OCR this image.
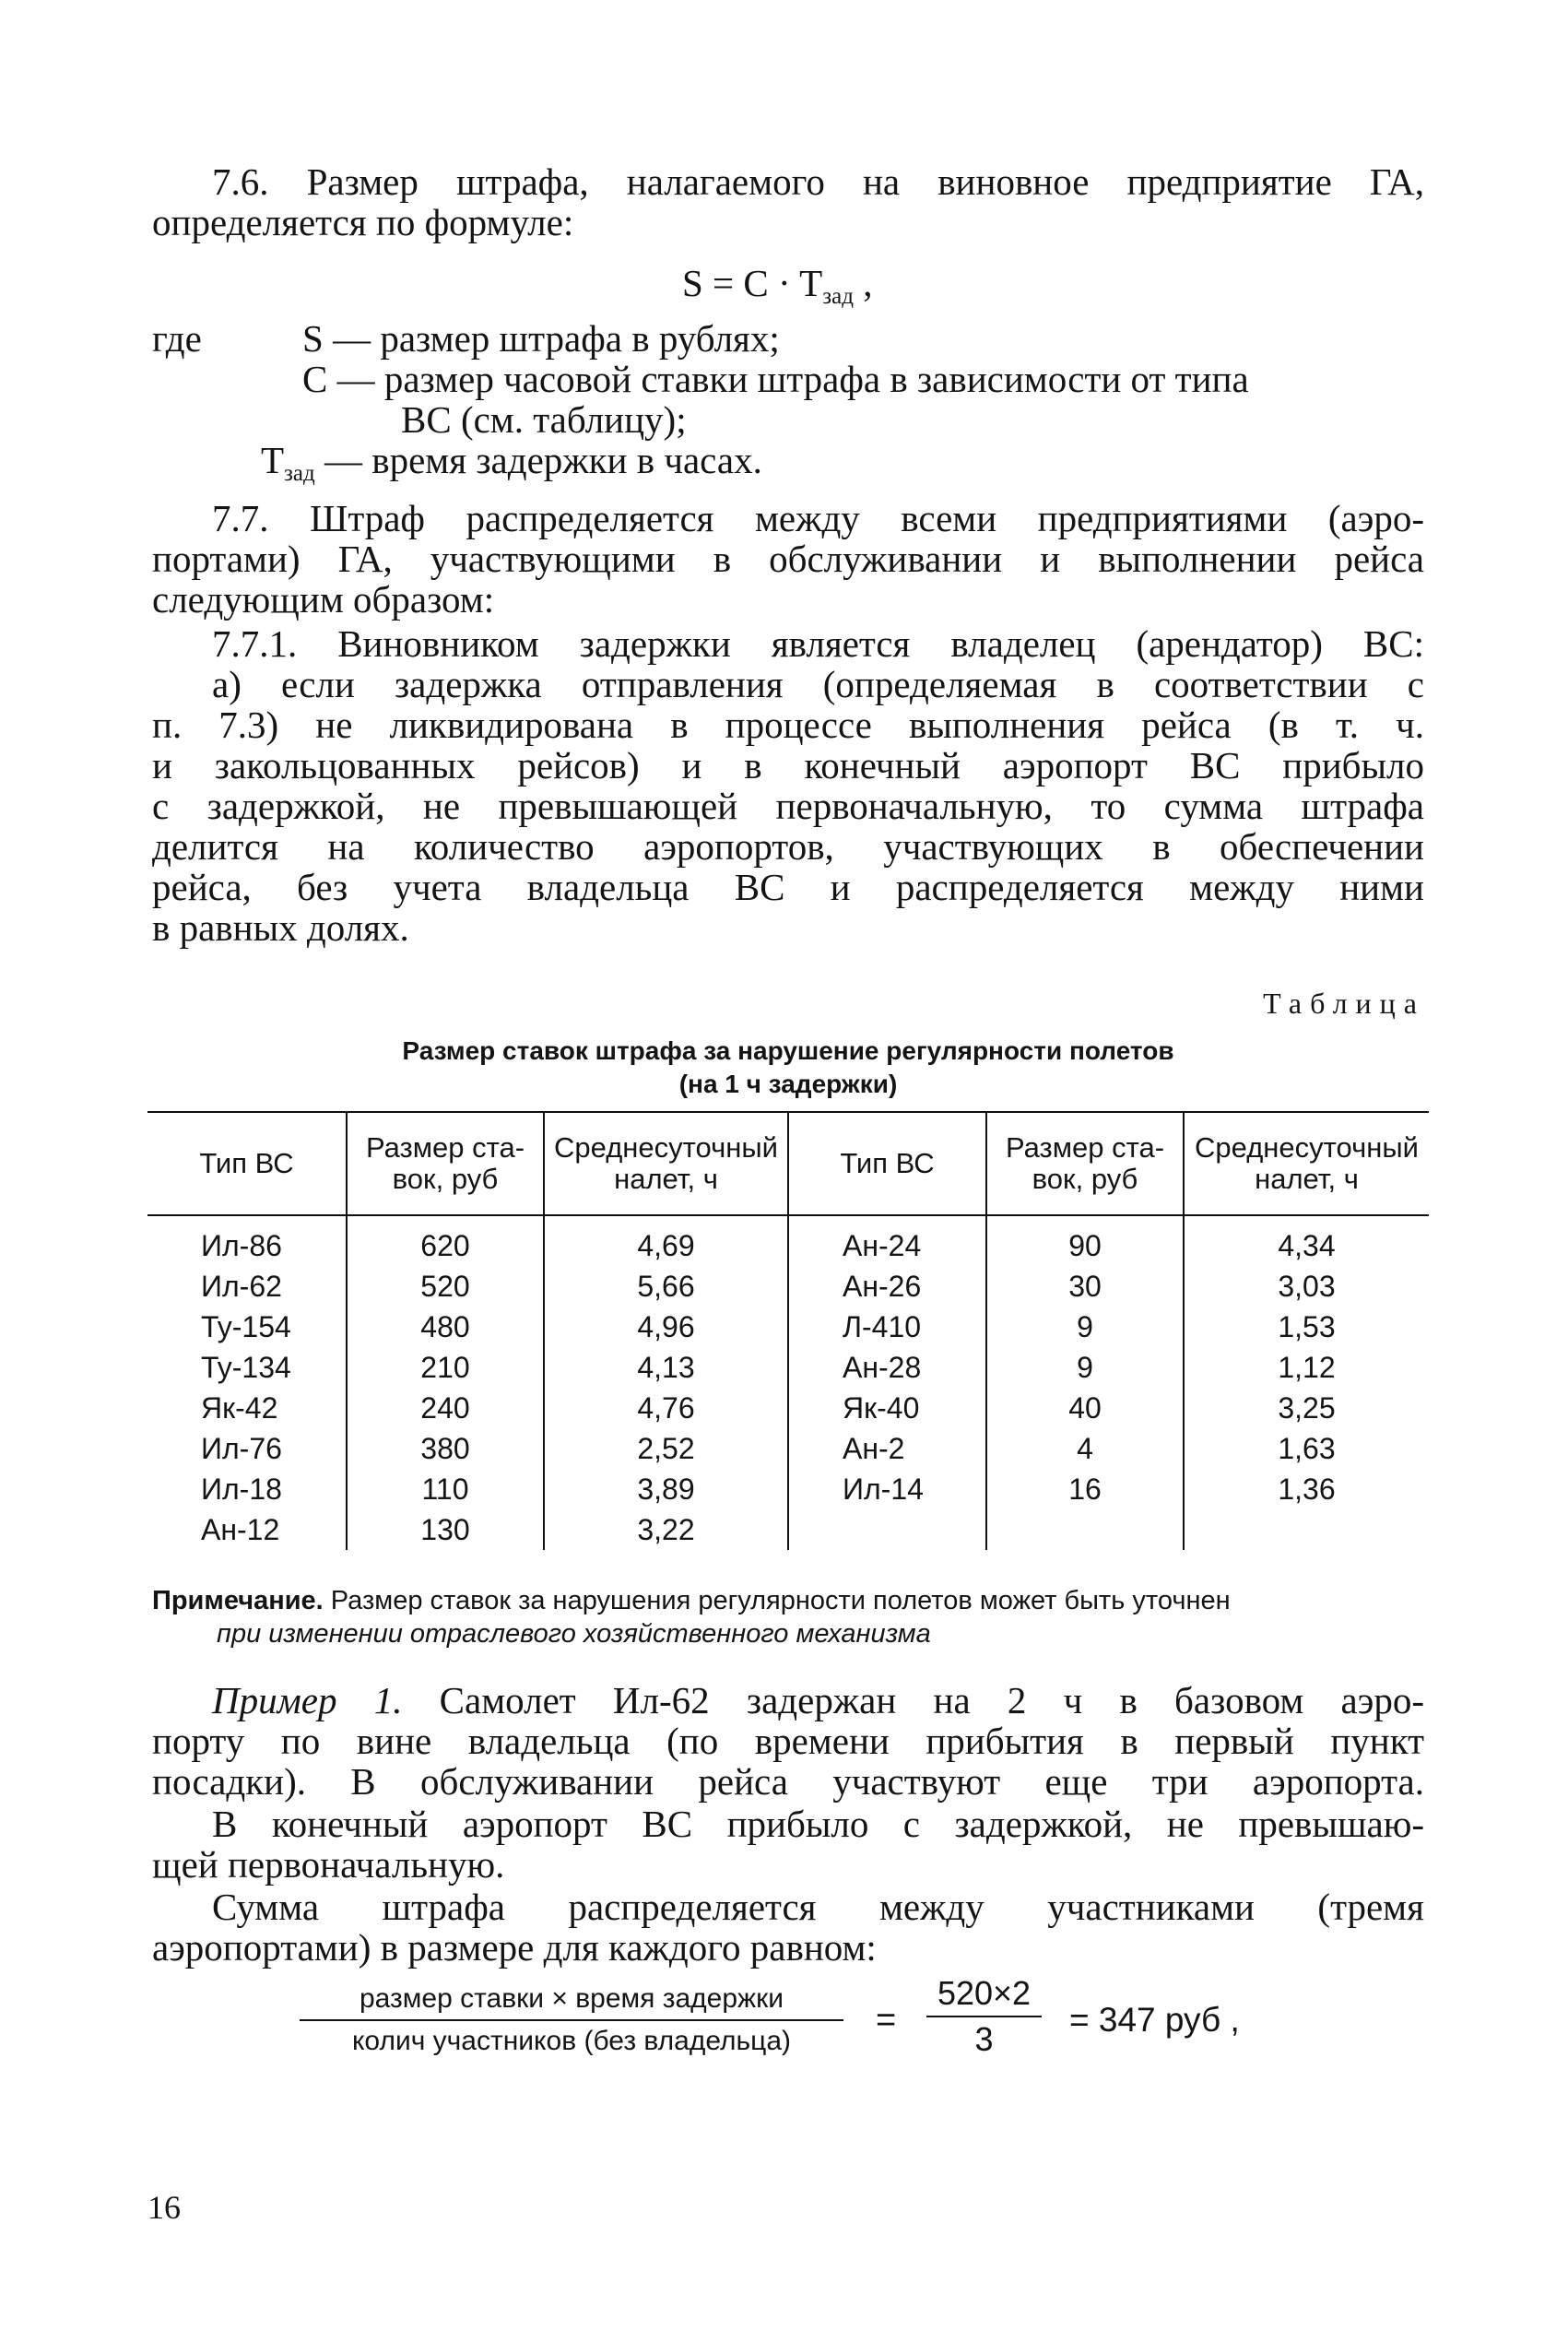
7.6. Размер штрафа, налагаемого на виновное предприятие ГА,
определяется по формуле:
$S = C \cdot T_{зад}$ ,
где	S — размер штрафа в рублях;
C — размер часовой ставки штрафа в зависимости от типа
ВС (см. таблицу);
$T_{зад}$ — время задержки в часах.
7.7. Штраф распределяется между всеми предприятиями (аэро-
портами) ГА, участвующими в обслуживании и выполнении рейса
следующим образом:
7.7.1. Виновником задержки является владелец (арендатор) ВС:
а) если задержка отправления (определяемая в соответствии с
п. 7.3) не ликвидирована в процессе выполнения рейса (в т. ч.
и закольцованных рейсов) и в конечный аэропорт ВС прибыло
с задержкой, не превышающей первоначальную, то сумма штрафа
делится на количество аэропортов, участвующих в обеспечении
рейса, без учета владельца ВС и распределяется между ними
в равных долях.
Таблица
Размер ставок штрафа за нарушение регулярности полетов
(на 1 ч задержки)
Тип ВС	Размер ста-
вок, руб	Среднесуточный
налет, ч	Тип ВС	Размер ста-
вок, руб	Среднесуточный
налет, ч
Ил-86	620	4,69	Ан-24	90	4,34
Ил-62	520	5,66	Ан-26	30	3,03
Ту-154	480	4,96	Л-410	9	1,53
Ту-134	210	4,13	Ан-28	9	1,12
Як-42	240	4,76	Як-40	40	3,25
Ил-76	380	2,52	Ан-2	4	1,63
Ил-18	110	3,89	Ил-14	16	1,36
Ан-12	130	3,22			
Примечание. Размер ставок за нарушения регулярности полетов может быть уточнен
при изменении отраслевого хозяйственного механизма
Пример 1. Самолет Ил-62 задержан на 2 ч в базовом аэро-
порту по вине владельца (по времени прибытия в первый пункт
посадки). В обслуживании рейса участвуют еще три аэропорта.
В конечный аэропорт ВС прибыло с задержкой, не превышаю-
щей первоначальную.
Сумма штрафа распределяется между участниками (тремя
аэропортами) в размере для каждого равном:
размер ставки × время задержки
колич участников (без владельца)
= $\frac{520\times 2}{3} = 347$ руб ,
16
